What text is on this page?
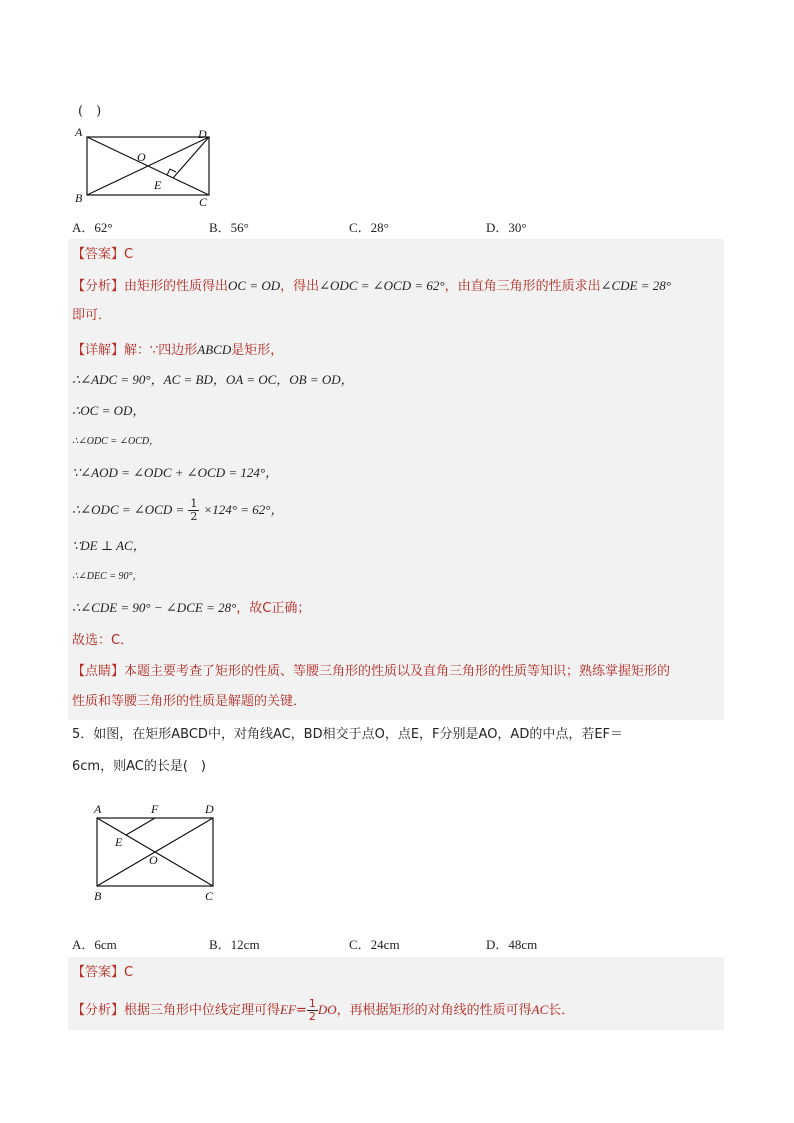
(　)
A
B	C
D
O
E
A．62°	B．56°	C．28°	D．30°
【答案】C
【分析】由矩形的性质得出OC = OD，得出∠ODC = ∠OCD = 62°，由直角三角形的性质求出∠CDE = 28°
即可．
【详解】解：∵四边形ABCD是矩形，
∴∠ADC = 90°，AC = BD，OA = OC，OB = OD，
∴OC = OD，
∴∠ODC = ∠OCD，
∵∠AOD = ∠ODC + ∠OCD = 124°，
∴∠ODC = ∠OCD = $\frac{1}{2} \times 124^\circ = 62^\circ$，
∵DE ⊥ AC，
∴∠DEC = 90°，
∴∠CDE = 90° − ∠DCE = 28°，故C正确；
故选：C．
【点睛】本题主要考查了矩形的性质、等腰三角形的性质以及直角三角形的性质等知识；熟练掌握矩形的
性质和等腰三角形的性质是解题的关键．
5．如图，在矩形ABCD中，对角线AC，BD相交于点O，点E，F分别是AO，AD的中点，若EF＝
6cm，则AC的长是(　)
A
B	C
D
F
E
O
A．6cm	B．12cm	C．24cm	D．48cm
【答案】C
【分析】根据三角形中位线定理可得$EF= \frac{1}{2}$ DO，再根据矩形的对角线的性质可得AC长．
